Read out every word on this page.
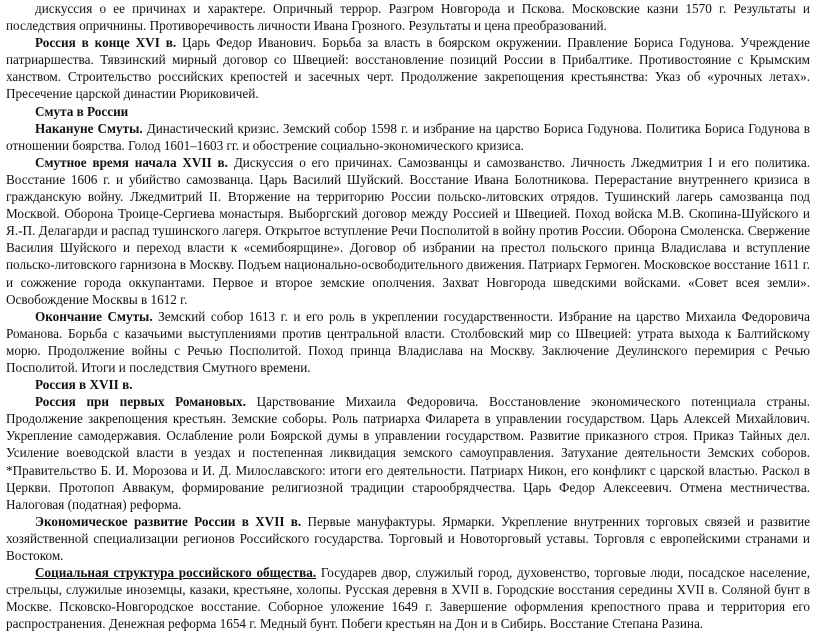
дискуссия о ее причинах и характере. Опричный террор. Разгром Новгорода и Пскова. Московские казни 1570 г. Результаты и последствия опричнины. Противоречивость личности Ивана Грозного. Результаты и цена преобразований.

Россия в конце XVI в. Царь Федор Иванович. Борьба за власть в боярском окружении. Правление Бориса Годунова. Учреждение патриаршества. Тявзинский мирный договор со Швецией: восстановление позиций России в Прибалтике. Противостояние с Крымским ханством. Строительство российских крепостей и засечных черт. Продолжение закрепощения крестьянства: Указ об «урочных летах». Пресечение царской династии Рюриковичей.

Смута в России

Накануне Смуты. Династический кризис. Земский собор 1598 г. и избрание на царство Бориса Годунова. Политика Бориса Годунова в отношении боярства. Голод 1601–1603 гг. и обострение социально-экономического кризиса.

Смутное время начала XVII в. Дискуссия о его причинах. Самозванцы и самозванство. Личность Лжедмитрия I и его политика. Восстание 1606 г. и убийство самозванца. Царь Василий Шуйский. Восстание Ивана Болотникова. Перерастание внутреннего кризиса в гражданскую войну. Лжедмитрий II. Вторжение на территорию России польско-литовских отрядов. Тушинский лагерь самозванца под Москвой. Оборона Троице-Сергиева монастыря. Выборгский договор между Россией и Швецией. Поход войска М.В. Скопина-Шуйского и Я.-П. Делагарди и распад тушинского лагеря. Открытое вступление Речи Посполитой в войну против России. Оборона Смоленска. Свержение Василия Шуйского и переход власти к «семибоярщине». Договор об избрании на престол польского принца Владислава и вступление польско-литовского гарнизона в Москву. Подъем национально-освободительного движения. Патриарх Гермоген. Московское восстание 1611 г. и сожжение города оккупантами. Первое и второе земские ополчения. Захват Новгорода шведскими войсками. «Совет всея земли». Освобождение Москвы в 1612 г.

Окончание Смуты. Земский собор 1613 г. и его роль в укреплении государственности. Избрание на царство Михаила Федоровича Романова. Борьба с казачьими выступлениями против центральной власти. Столбовский мир со Швецией: утрата выхода к Балтийскому морю. Продолжение войны с Речью Посполитой. Поход принца Владислава на Москву. Заключение Деулинского перемирия с Речью Посполитой. Итоги и последствия Смутного времени.

Россия в XVII в.

Россия при первых Романовых. Царствование Михаила Федоровича. Восстановление экономического потенциала страны. Продолжение закрепощения крестьян. Земские соборы. Роль патриарха Филарета в управлении государством. Царь Алексей Михайлович. Укрепление самодержавия. Ослабление роли Боярской думы в управлении государством. Развитие приказного строя. Приказ Тайных дел. Усиление воеводской власти в уездах и постепенная ликвидация земского самоуправления. Затухание деятельности Земских соборов. *Правительство Б. И. Морозова и И. Д. Милославского: итоги его деятельности. Патриарх Никон, его конфликт с царской властью. Раскол в Церкви. Протопоп Аввакум, формирование религиозной традиции старообрядчества. Царь Федор Алексеевич. Отмена местничества. Налоговая (податная) реформа.

Экономическое развитие России в XVII в. Первые мануфактуры. Ярмарки. Укрепление внутренних торговых связей и развитие хозяйственной специализации регионов Российского государства. Торговый и Новоторговый уставы. Торговля с европейскими странами и Востоком.

Социальная структура российского общества. Государев двор, служилый город, духовенство, торговые люди, посадское население, стрельцы, служилые иноземцы, казаки, крестьяне, холопы. Русская деревня в XVII в. Городские восстания середины XVII в. Соляной бунт в Москве. Псковско-Новгородское восстание. Соборное уложение 1649 г. Завершение оформления крепостного права и территория его распространения. Денежная реформа 1654 г. Медный бунт. Побеги крестьян на Дон и в Сибирь. Восстание Степана Разина.
